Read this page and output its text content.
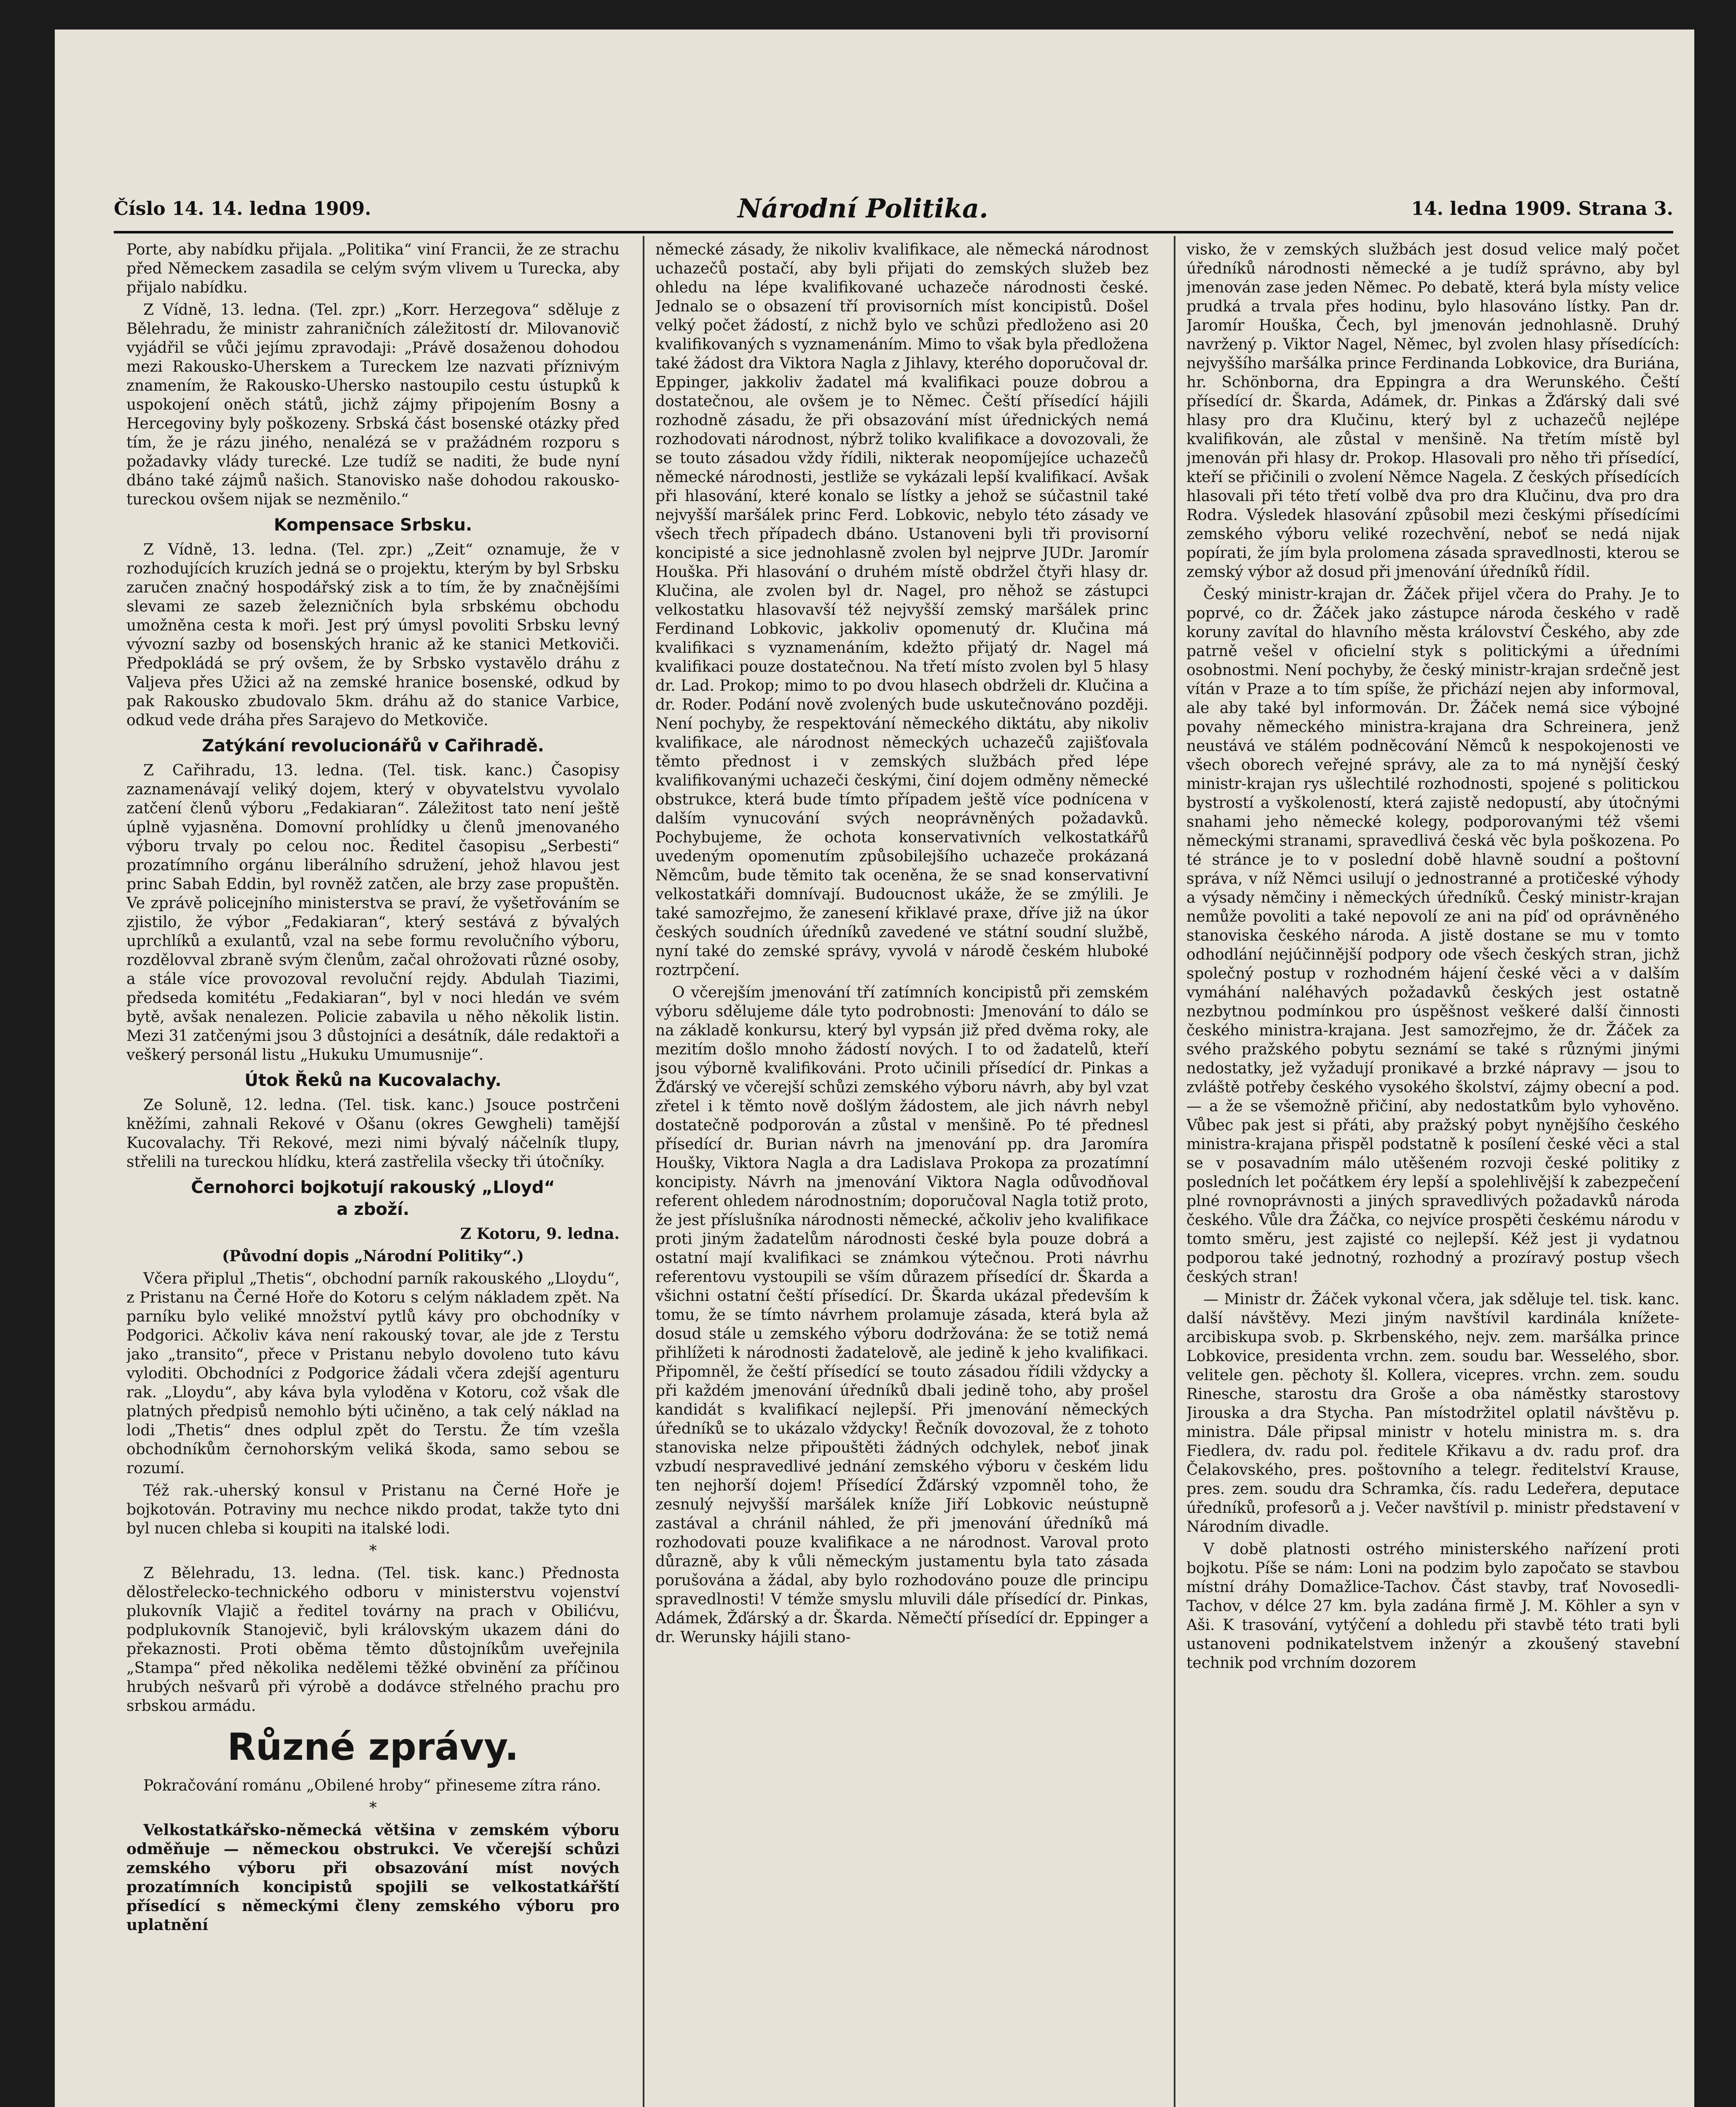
Číslo 14. 14. ledna 1909.	Národní Politika.	14. ledna 1909. Strana 3.

Porte, aby nabídku přijala. „Politika“ viní Francii, že ze strachu před Německem zasadila se celým svým vlivem u Turecka, aby přijalo nabídku.

Z Vídně, 13. ledna. (Tel. zpr.) „Korr. Herzegova“ sděluje z Bělehradu, že ministr zahraničních záležitostí dr. Milovanovič vyjádřil se vůči jejímu zpravodaji: „Právě dosaženou dohodou mezi Rakousko-Uherskem a Tureckem lze nazvati příznivým znamením, že Rakousko-Uhersko nastoupilo cestu ústupků k uspokojení oněch států, jichž zájmy připojením Bosny a Hercegoviny byly poškozeny. Srbská část bosenské otázky před tím, že je rázu jiného, nenalézá se v pražádném rozporu s požadavky vlády turecké. Lze tudíž se naditi, že bude nyní dbáno také zájmů našich. Stanovisko naše dohodou rakousko-tureckou ovšem nijak se nezměnilo.“

Kompensace Srbsku.

Z Vídně, 13. ledna. (Tel. zpr.) „Zeit“ oznamuje, že v rozhodujících kruzích jedná se o projektu, kterým by byl Srbsku zaručen značný hospodářský zisk a to tím, že by značnějšími slevami ze sazeb železničních byla srbskému obchodu umožněna cesta k moři. Jest prý úmysl povoliti Srbsku levný vývozní sazby od bosenských hranic až ke stanici Metkoviči. Předpokládá se prý ovšem, že by Srbsko vystavělo dráhu z Valjeva přes Užici až na zemské hranice bosenské, odkud by pak Rakousko zbudovalo 5km. dráhu až do stanice Varbice, odkud vede dráha přes Sarajevo do Metkoviče.

Zatýkání revolucionářů v Cařihradě.

Z Cařihradu, 13. ledna. (Tel. tisk. kanc.) Časopisy zaznamenávají veliký dojem, který v obyvatelstvu vyvolalo zatčení členů výboru „Fedakiaran“. Záležitost tato není ještě úplně vyjasněna. Domovní prohlídky u členů jmenovaného výboru trvaly po celou noc. Ředitel časopisu „Serbesti“ prozatímního orgánu liberálního sdružení, jehož hlavou jest princ Sabah Eddin, byl rovněž zatčen, ale brzy zase propuštěn. Ve zprávě policejního ministerstva se praví, že vyšetřováním se zjistilo, že výbor „Fedakiaran“, který sestává z bývalých uprchlíků a exulantů, vzal na sebe formu revolučního výboru, rozdělovval zbraně svým členům, začal ohrožovati různé osoby, a stále více provozoval revoluční rejdy. Abdulah Tiazimi, předseda komitétu „Fedakiaran“, byl v noci hledán ve svém bytě, avšak nenalezen. Policie zabavila u něho několik listin. Mezi 31 zatčenými jsou 3 důstojníci a desátník, dále redaktoři a veškerý personál listu „Hukuku Umumusnije“.

Útok Řeků na Kucovalachy.

Ze Soluně, 12. ledna. (Tel. tisk. kanc.) Jsouce postrčeni kněžími, zahnali Rekové v Ošanu (okres Gewgheli) tamější Kucovalachy. Tři Rekové, mezi nimi bývalý náčelník tlupy, střelili na tureckou hlídku, která zastřelila všecky tři útočníky.

Černohorci bojkotují rakouský „Lloyd“
a zboží.

Z Kotoru, 9. ledna.

(Původní dopis „Národní Politiky“.)

Včera připlul „Thetis“, obchodní parník rakouského „Lloydu“, z Pristanu na Černé Hoře do Kotoru s celým nákladem zpět. Na parníku bylo veliké množství pytlů kávy pro obchodníky v Podgorici. Ačkoliv káva není rakouský tovar, ale jde z Terstu jako „transito“, přece v Pristanu nebylo dovoleno tuto kávu vyloditi. Obchodníci z Podgorice žádali včera zdejší agenturu rak. „Lloydu“, aby káva byla vyloděna v Kotoru, což však dle platných předpisů nemohlo býti učiněno, a tak celý náklad na lodi „Thetis“ dnes odplul zpět do Terstu. Že tím vzešla obchodníkům černohorským veliká škoda, samo sebou se rozumí.

Též rak.-uherský konsul v Pristanu na Černé Hoře je bojkotován. Potraviny mu nechce nikdo prodat, takže tyto dni byl nucen chleba si koupiti na italské lodi.

*

Z Bělehradu, 13. ledna. (Tel. tisk. kanc.) Přednosta dělostřelecko-technického odboru v ministerstvu vojenství plukovník Vlajič a ředitel továrny na prach v Obilićvu, podplukovník Stanojevič, byli královským ukazem dáni do překaznosti. Proti oběma těmto důstojníkům uveřejnila „Stampa“ před několika nedělemi těžké obvinění za příčinou hrubých nešvarů při výrobě a dodávce střelného prachu pro srbskou armádu.

Různé zprávy.

Pokračování románu „Obilené hroby“ přineseme zítra ráno.

*

Velkostatkářsko-německá většina v zemském výboru odměňuje — německou obstrukci. Ve včerejší schůzi zemského výboru při obsazování míst nových prozatímních koncipistů spojili se velkostatkářští přísedící s německými členy zemského výboru pro uplatnění

německé zásady, že nikoliv kvalifikace, ale německá národnost uchazečů postačí, aby byli přijati do zemských služeb bez ohledu na lépe kvalifikované uchazeče národnosti české. Jednalo se o obsazení tří provisorních míst koncipistů. Došel velký počet žádostí, z nichž bylo ve schůzi předloženo asi 20 kvalifikovaných s vyznamenáním. Mimo to však byla předložena také žádost dra Viktora Nagla z Jihlavy, kterého doporučoval dr. Eppinger, jakkoliv žadatel má kvalifikaci pouze dobrou a dostatečnou, ale ovšem je to Němec. Čeští přísedící hájili rozhodně zásadu, že při obsazování míst úřednických nemá rozhodovati národnost, nýbrž toliko kvalifikace a dovozovali, že se touto zásadou vždy řídili, nikterak neopomíjejíce uchazečů německé národnosti, jestliže se vykázali lepší kvalifikací. Avšak při hlasování, které konalo se lístky a jehož se súčastnil také nejvyšší maršálek princ Ferd. Lobkovic, nebylo této zásady ve všech třech případech dbáno. Ustanoveni byli tři provisorní koncipisté a sice jednohlasně zvolen byl nejprve JUDr. Jaromír Houška. Při hlasování o druhém místě obdržel čtyři hlasy dr. Klučina, ale zvolen byl dr. Nagel, pro něhož se zástupci velkostatku hlasovavší též nejvyšší zemský maršálek princ Ferdinand Lobkovic, jakkoliv opomenutý dr. Klučina má kvalifikaci s vyznamenáním, kdežto přijatý dr. Nagel má kvalifikaci pouze dostatečnou. Na třetí místo zvolen byl 5 hlasy dr. Lad. Prokop; mimo to po dvou hlasech obdrželi dr. Klučina a dr. Roder. Podání nově zvolených bude uskutečnováno později. Není pochyby, že respektování německého diktátu, aby nikoliv kvalifikace, ale národnost německých uchazečů zajišťovala těmto přednost i v zemských službách před lépe kvalifikovanými uchazeči českými, činí dojem odměny německé obstrukce, která bude tímto případem ještě více podnícena v dalším vynucování svých neoprávněných požadavků. Pochybujeme, že ochota konservativních velkostatkářů uvedeným opomenutím způsobilejšího uchazeče prokázaná Němcům, bude těmito tak oceněna, že se snad konservativní velkostatkáři domnívají. Budoucnost ukáže, že se zmýlili. Je také samozřejmo, že zanesení křiklavé praxe, dříve již na úkor českých soudních úředníků zavedené ve státní soudní službě, nyní také do zemské správy, vyvolá v národě českém hluboké roztrpčení.

O včerejším jmenování tří zatímních koncipistů při zemském výboru sdělujeme dále tyto podrobnosti: Jmenování to dálo se na základě konkursu, který byl vypsán již před dvěma roky, ale mezitím došlo mnoho žádostí nových. I to od žadatelů, kteří jsou výborně kvalifikováni. Proto učinili přísedící dr. Pinkas a Žďárský ve včerejší schůzi zemského výboru návrh, aby byl vzat zřetel i k těmto nově došlým žádostem, ale jich návrh nebyl dostatečně podporován a zůstal v menšině. Po té přednesl přísedící dr. Burian návrh na jmenování pp. dra Jaromíra Houšky, Viktora Nagla a dra Ladislava Prokopa za prozatímní koncipisty. Návrh na jmenování Viktora Nagla odůvodňoval referent ohledem národnostním; doporučoval Nagla totiž proto, že jest příslušníka národnosti německé, ačkoliv jeho kvalifikace proti jiným žadatelům národnosti české byla pouze dobrá a ostatní mají kvalifikaci se známkou výtečnou. Proti návrhu referentovu vystoupili se vším důrazem přísedící dr. Škarda a všichni ostatní čeští přísedící. Dr. Škarda ukázal především k tomu, že se tímto návrhem prolamuje zásada, která byla až dosud stále u zemského výboru dodržována: že se totiž nemá přihlížeti k národnosti žadatelově, ale jedině k jeho kvalifikaci. Připomněl, že čeští přísedící se touto zásadou řídili vždycky a při každém jmenování úředníků dbali jedině toho, aby prošel kandidát s kvalifikací nejlepší. Při jmenování německých úředníků se to ukázalo vždycky! Řečník dovozoval, že z tohoto stanoviska nelze připouštěti žádných odchylek, neboť jinak vzbudí nespravedlivé jednání zemského výboru v českém lidu ten nejhorší dojem! Přísedící Žďárský vzpomněl toho, že zesnulý nejvyšší maršálek kníže Jiří Lobkovic neústupně zastával a chránil náhled, že při jmenování úředníků má rozhodovati pouze kvalifikace a ne národnost. Varoval proto důrazně, aby k vůli německým justamentu byla tato zásada porušována a žádal, aby bylo rozhodováno pouze dle principu spravedlnosti! V témže smyslu mluvili dále přísedící dr. Pinkas, Adámek, Žďárský a dr. Škarda. Němečtí přísedící dr. Eppinger a dr. Werunsky hájili stano-

visko, že v zemských službách jest dosud velice malý počet úředníků národnosti německé a je tudíž správno, aby byl jmenován zase jeden Němec. Po debatě, která byla místy velice prudká a trvala přes hodinu, bylo hlasováno lístky. Pan dr. Jaromír Houška, Čech, byl jmenován jednohlasně. Druhý navržený p. Viktor Nagel, Němec, byl zvolen hlasy přísedících: nejvyššího maršálka prince Ferdinanda Lobkovice, dra Buriána, hr. Schönborna, dra Eppingra a dra Werunského. Čeští přísedící dr. Škarda, Adámek, dr. Pinkas a Žďárský dali své hlasy pro dra Klučinu, který byl z uchazečů nejlépe kvalifikován, ale zůstal v menšině. Na třetím místě byl jmenován při hlasy dr. Prokop. Hlasovali pro něho tři přísedící, kteří se přičinili o zvolení Němce Nagela. Z českých přísedících hlasovali při této třetí volbě dva pro dra Klučinu, dva pro dra Rodra. Výsledek hlasování způsobil mezi českými přísedícími zemského výboru veliké rozechvění, neboť se nedá nijak popírati, že jím byla prolomena zásada spravedlnosti, kterou se zemský výbor až dosud při jmenování úředníků řídil.

Český ministr-krajan dr. Žáček přijel včera do Prahy. Je to poprvé, co dr. Žáček jako zástupce národa českého v radě koruny zavítal do hlavního města království Českého, aby zde patrně vešel v oficielní styk s politickými a úředními osobnostmi. Není pochyby, že český ministr-krajan srdečně jest vítán v Praze a to tím spíše, že přichází nejen aby informoval, ale aby také byl informován. Dr. Žáček nemá sice výbojné povahy německého ministra-krajana dra Schreinera, jenž neustává ve stálém podněcování Němců k nespokojenosti ve všech oborech veřejné správy, ale za to má nynější český ministr-krajan rys ušlechtilé rozhodnosti, spojené s politickou bystrostí a vyškoleností, která zajistě nedopustí, aby útočnými snahami jeho německé kolegy, podporovanými též všemi německými stranami, spravedlivá česká věc byla poškozena. Po té stránce je to v poslední době hlavně soudní a poštovní správa, v níž Němci usilují o jednostranné a protičeské výhody a výsady němčiny i německých úředníků. Český ministr-krajan nemůže povoliti a také nepovolí ze ani na píď od oprávněného stanoviska českého národa. A jistě dostane se mu v tomto odhodlání nejúčinnější podpory ode všech českých stran, jichž společný postup v rozhodném hájení české věci a v dalším vymáhání naléhavých požadavků českých jest ostatně nezbytnou podmínkou pro úspěšnost veškeré další činnosti českého ministra-krajana. Jest samozřejmo, že dr. Žáček za svého pražského pobytu seznámí se také s různými jinými nedostatky, jež vyžadují pronikavé a brzké nápravy — jsou to zvláště potřeby českého vysokého školství, zájmy obecní a pod. — a že se všemožně přičiní, aby nedostatkům bylo vyhověno. Vůbec pak jest si přáti, aby pražský pobyt nynějšího českého ministra-krajana přispěl podstatně k posílení české věci a stal se v posavadním málo utěšeném rozvoji české politiky z posledních let počátkem éry lepší a spolehlivější k zabezpečení plné rovnoprávnosti a jiných spravedlivých požadavků národa českého. Vůle dra Žáčka, co nejvíce prospěti českému národu v tomto směru, jest zajisté co nejlepší. Kéž jest ji vydatnou podporou také jednotný, rozhodný a prozíravý postup všech českých stran!

— Ministr dr. Žáček vykonal včera, jak sděluje tel. tisk. kanc. další návštěvy. Mezi jiným navštívil kardinála knížete-arcibiskupa svob. p. Skrbenského, nejv. zem. maršálka prince Lobkovice, presidenta vrchn. zem. soudu bar. Wesselého, sbor. velitele gen. pěchoty šl. Kollera, vicepres. vrchn. zem. soudu Rinesche, starostu dra Groše a oba náměstky starostovy Jirouska a dra Stycha. Pan místodržitel oplatil návštěvu p. ministra. Dále připsal ministr v hotelu ministra m. s. dra Fiedlera, dv. radu pol. ředitele Křikavu a dv. radu prof. dra Čelakovského, pres. poštovního a telegr. ředitelství Krause, pres. zem. soudu dra Schramka, čís. radu Ledeřera, deputace úředníků, profesorů a j. Večer navštívil p. ministr představení v Národním divadle.

V době platnosti ostrého ministerského nařízení proti bojkotu. Píše se nám: Loni na podzim bylo započato se stavbou místní dráhy Domažlice-Tachov. Část stavby, trať Novosedli-Tachov, v délce 27 km. byla zadána firmě J. M. Köhler a syn v Aši. K trasování, vytýčení a dohledu při stavbě této trati byli ustanoveni podnikatelstvem inženýr a zkoušený stavební technik pod vrchním dozorem
